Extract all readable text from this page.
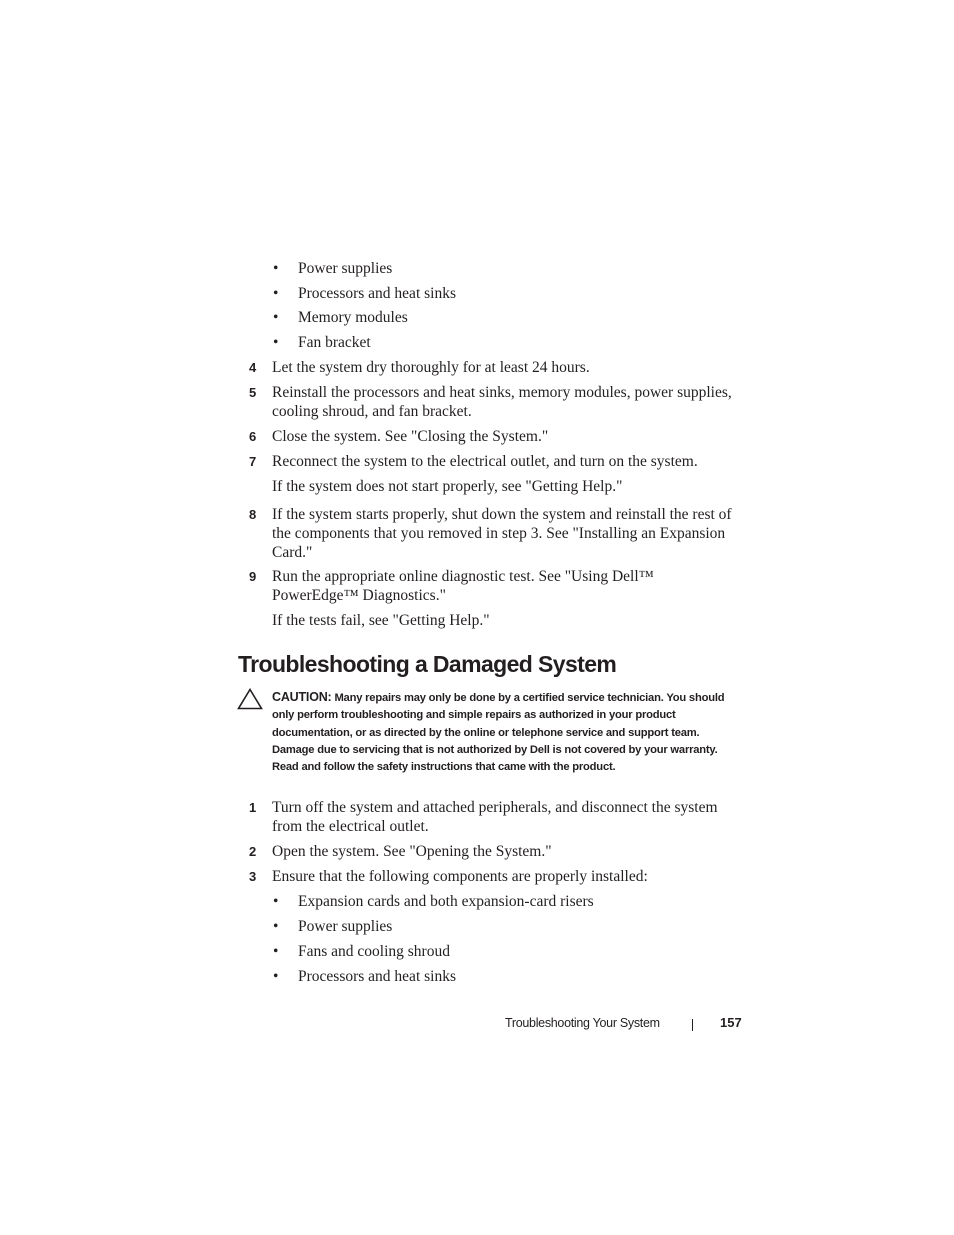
• Power supplies
• Processors and heat sinks
• Memory modules
• Fan bracket
4 Let the system dry thoroughly for at least 24 hours.
5 Reinstall the processors and heat sinks, memory modules, power supplies, cooling shroud, and fan bracket.
6 Close the system. See "Closing the System."
7 Reconnect the system to the electrical outlet, and turn on the system.
If the system does not start properly, see "Getting Help."
8 If the system starts properly, shut down the system and reinstall the rest of the components that you removed in step 3. See "Installing an Expansion Card."
9 Run the appropriate online diagnostic test. See "Using Dell™ PowerEdge™ Diagnostics."
If the tests fail, see "Getting Help."
Troubleshooting a Damaged System
CAUTION: Many repairs may only be done by a certified service technician. You should only perform troubleshooting and simple repairs as authorized in your product documentation, or as directed by the online or telephone service and support team. Damage due to servicing that is not authorized by Dell is not covered by your warranty. Read and follow the safety instructions that came with the product.
1 Turn off the system and attached peripherals, and disconnect the system from the electrical outlet.
2 Open the system. See "Opening the System."
3 Ensure that the following components are properly installed:
• Expansion cards and both expansion-card risers
• Power supplies
• Fans and cooling shroud
• Processors and heat sinks
Troubleshooting Your System	157
